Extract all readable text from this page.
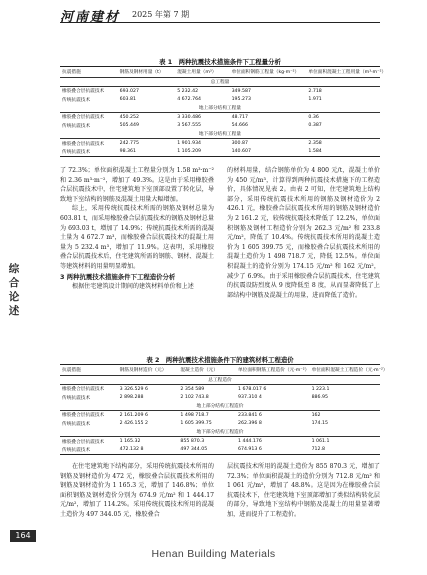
河南建材 2025 年第 7 期
综合论述
表 1　两种抗震技术措施条件下工程量分析
抗震措施	钢筋及钢材用量（t）	混凝土用量（m³）	单位面积钢筋工程量（kg·m⁻²）	单位面积混凝土工程用量（m³·m⁻²）
总工程量				
橡胶叠合层抗震技术	693.027	5 232.42	349.587	2.718
传统抗震技术	603.81	4 672.764	195.273	1.971
地上部分结构工程量				
橡胶叠合层抗震技术	450.252	3 330.486	48.717	0.36
传统抗震技术	505.449	3 567.555	54.666	0.387
地下部分结构工程量				
橡胶叠合层抗震技术	242.775	1 901.934	300.87	2.358
传统抗震技术	98.361	1 105.209	140.607	1.584

了 72.3%；单位面积混凝土工程量分别为 1.58 m³·m⁻² 和 2.36 m³·m⁻²，增加了 49.3%。这是由于采用橡胶叠合层抗震技术中，住宅建筑地下室顶部设置了转化层，导致地下室结构的钢筋及混凝土用量大幅增加。

综上，采用传统抗震技术所需的钢筋及钢材总量为 603.81 t，而采用橡胶叠合层抗震技术的钢筋及钢材总量为 693.03 t，增加了 14.9%；传统抗震技术所需的混凝土量为 4 672.7 m³，而橡胶叠合层抗震技术的混凝土用量为 5 232.4 m³，增加了 11.9%。这表明，采用橡胶叠合层抗震技术后，住宅建筑所需的钢筋、钢材、混凝土等建筑材料的用量明显增加。

3 两种抗震技术措施条件下工程造价分析

根据住宅建筑设计期间的建筑材料单价和上述

的材料用量，结合钢筋单价为 4 800 元/t，混凝土单价为 450 元/m³，计算得到两种抗震技术措施下的工程造价，具体情况见表 2。由表 2 可知，住宅建筑地上结构部分，采用传统抗震技术所用的钢筋及钢材造价为 2 426.1 元，橡胶叠合层抗震技术所用的钢筋及钢材造价为 2 161.2 元，较传统抗震技术降低了 12.2%，单位面积钢筋及钢材工程造价分别为 262.3 元/m² 和 233.8 元/m²，降低了 10.4%。传统抗震技术所用的混凝土造价为 1 605 399.75 元，而橡胶叠合层抗震技术所用的混凝土造价为 1 498 718.7 元，降低 12.5%。单位面积混凝土的造价分别为 174.15 元/m² 和 162 元/m²，减少了 6.9%。由于采用橡胶叠合层抗震技术，住宅建筑的抗震设防烈度从 9 度降低至 8 度，从而显著降低了上部结构中钢筋及混凝土的用量，进而降低了造价。

表 2　两种抗震技术措施条件下的建筑材料工程造价
抗震措施	钢筋及钢材造价（元）	混凝土造价（元）	单位面积钢筋工程造价（元·m⁻²）	单位面积混凝土工程造价（元·m⁻²）
总工程造价				
橡胶叠合层抗震技术	3 326.529 6	2 354 589	1 678.017 6	1 223.1
传统抗震技术	2 898.288	2 102 743.8	937.310 4	886.95
地上部分结构工程造价				
橡胶叠合层抗震技术	2 161.209 6	1 498 718.7	233.841 6	162
传统抗震技术	2 426.155 2	1 605 399.75	262.396 8	174.15
地下部分结构工程造价				
橡胶叠合层抗震技术	1 165.32	855 870.3	1 444.176	1 061.1
传统抗震技术	472.132 8	497 344.05	674.913 6	712.8

在住宅建筑地下结构部分，采用传统抗震技术所用的钢筋及钢材造价为 472 元，橡胶叠合层抗震技术所用的钢筋及钢材造价为 1 165.3 元，增加了 146.8%；单位面积钢筋及钢材造价分别为 674.9 元/m² 和 1 444.17 元/m²，增加了 114.2%。采用传统抗震技术所用的混凝土造价为 497 344.05 元，橡胶叠合

层抗震技术所用的混凝土造价为 855 870.3 元，增加了 72.3%；单位面积混凝土的造价分别为 712.8 元/m² 和 1 061 元/m²，增加了 48.8%。这是因为在橡胶叠合层抗震技术下，住宅建筑地下室顶部增加了类似结构转化层的部分，导致地下室结构中钢筋及混凝土的用量显著增加，进而提升了工程造价。

164
Henan Building Materials
